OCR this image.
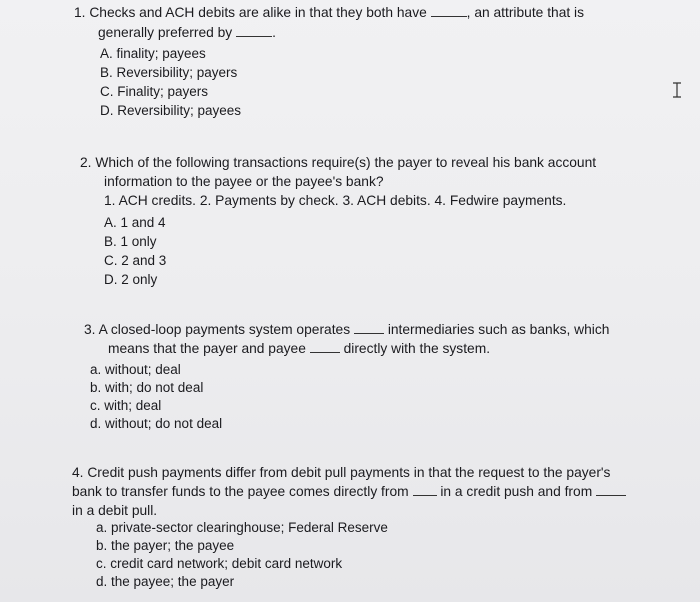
1. Checks and ACH debits are alike in that they both have	, an attribute that is
generally preferred by	.
A. finality; payees
B. Reversibility; payers
C. Finality; payers
D. Reversibility; payees
2. Which of the following transactions require(s) the payer to reveal his bank account
information to the payee or the payee's bank?
1. ACH credits. 2. Payments by check. 3. ACH debits. 4. Fedwire payments.
A. 1 and 4
B. 1 only
C. 2 and 3
D. 2 only
3. A closed-loop payments system operates	intermediaries such as banks, which
means that the payer and payee	directly with the system.
a. without; deal
b. with; do not deal
c. with; deal
d. without; do not deal
4. Credit push payments differ from debit pull payments in that the request to the payer's
bank to transfer funds to the payee comes directly from in a credit push and from
in a debit pull.
a. private-sector clearinghouse; Federal Reserve
b. the payer; the payee
c. credit card network; debit card network
d. the payee; the payer
